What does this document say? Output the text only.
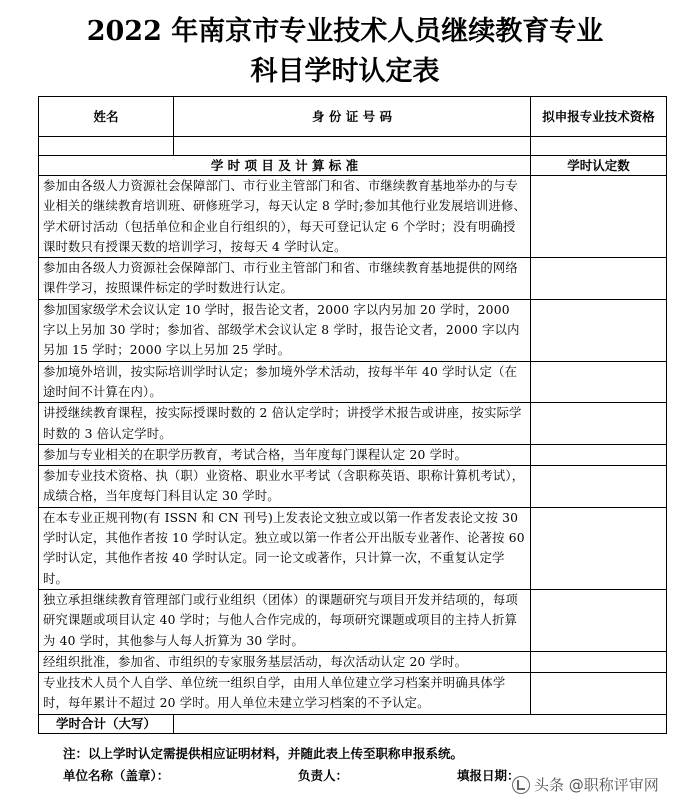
2022 年南京市专业技术人员继续教育专业
科目学时认定表
姓名	身 份 证 号 码	拟申报专业技术资格

学 时 项 目 及 计 算 标 准		学时认定数
参加由各级人力资源社会保障部门、市行业主管部门和省、市继续教育基地举办的与专业相关的继续教育培训班、研修班学习，每天认定 8 学时;参加其他行业发展培训进修、学术研讨活动（包括单位和企业自行组织的），每天可登记认定 6 个学时；没有明确授课时数只有授课天数的培训学习，按每天 4 学时认定。		
参加由各级人力资源社会保障部门、市行业主管部门和省、市继续教育基地提供的网络课件学习，按照课件标定的学时数进行认定。		
参加国家级学术会议认定 10 学时，报告论文者，2000 字以内另加 20 学时，2000 字以上另加 30 学时；参加省、部级学术会议认定 8 学时，报告论文者，2000 字以内另加 15 学时；2000 字以上另加 25 学时。		
参加境外培训，按实际培训学时认定；参加境外学术活动，按每半年 40 学时认定（在途时间不计算在内）。		
讲授继续教育课程，按实际授课时数的 2 倍认定学时；讲授学术报告或讲座，按实际学时数的 3 倍认定学时。		
参加与专业相关的在职学历教育，考试合格，当年度每门课程认定 20 学时。		
参加专业技术资格、执（职）业资格、职业水平考试（含职称英语、职称计算机考试），成绩合格，当年度每门科目认定 30 学时。		
在本专业正规刊物(有 ISSN 和 CN 刊号)上发表论文独立或以第一作者发表论文按 30 学时认定，其他作者按 10 学时认定。独立或以第一作者公开出版专业著作、论著按 60 学时认定，其他作者按 40 学时认定。同一论文或著作，只计算一次，不重复认定学时。		
独立承担继续教育管理部门或行业组织（团体）的课题研究与项目开发并结项的，每项研究课题或项目认定 40 学时；与他人合作完成的，每项研究课题或项目的主持人折算为 40 学时，其他参与人每人折算为 30 学时。		
经组织批准，参加省、市组织的专家服务基层活动，每次活动认定 20 学时。		
专业技术人员个人自学、单位统一组织自学，由用人单位建立学习档案并明确具体学时，每年累计不超过 20 学时。用人单位未建立学习档案的不予认定。		
学时合计（大写）		
注：以上学时认定需提供相应证明材料，并随此表上传至职称申报系统。
单位名称（盖章）：	负责人：	填报日期：
头条 @职称评审网
